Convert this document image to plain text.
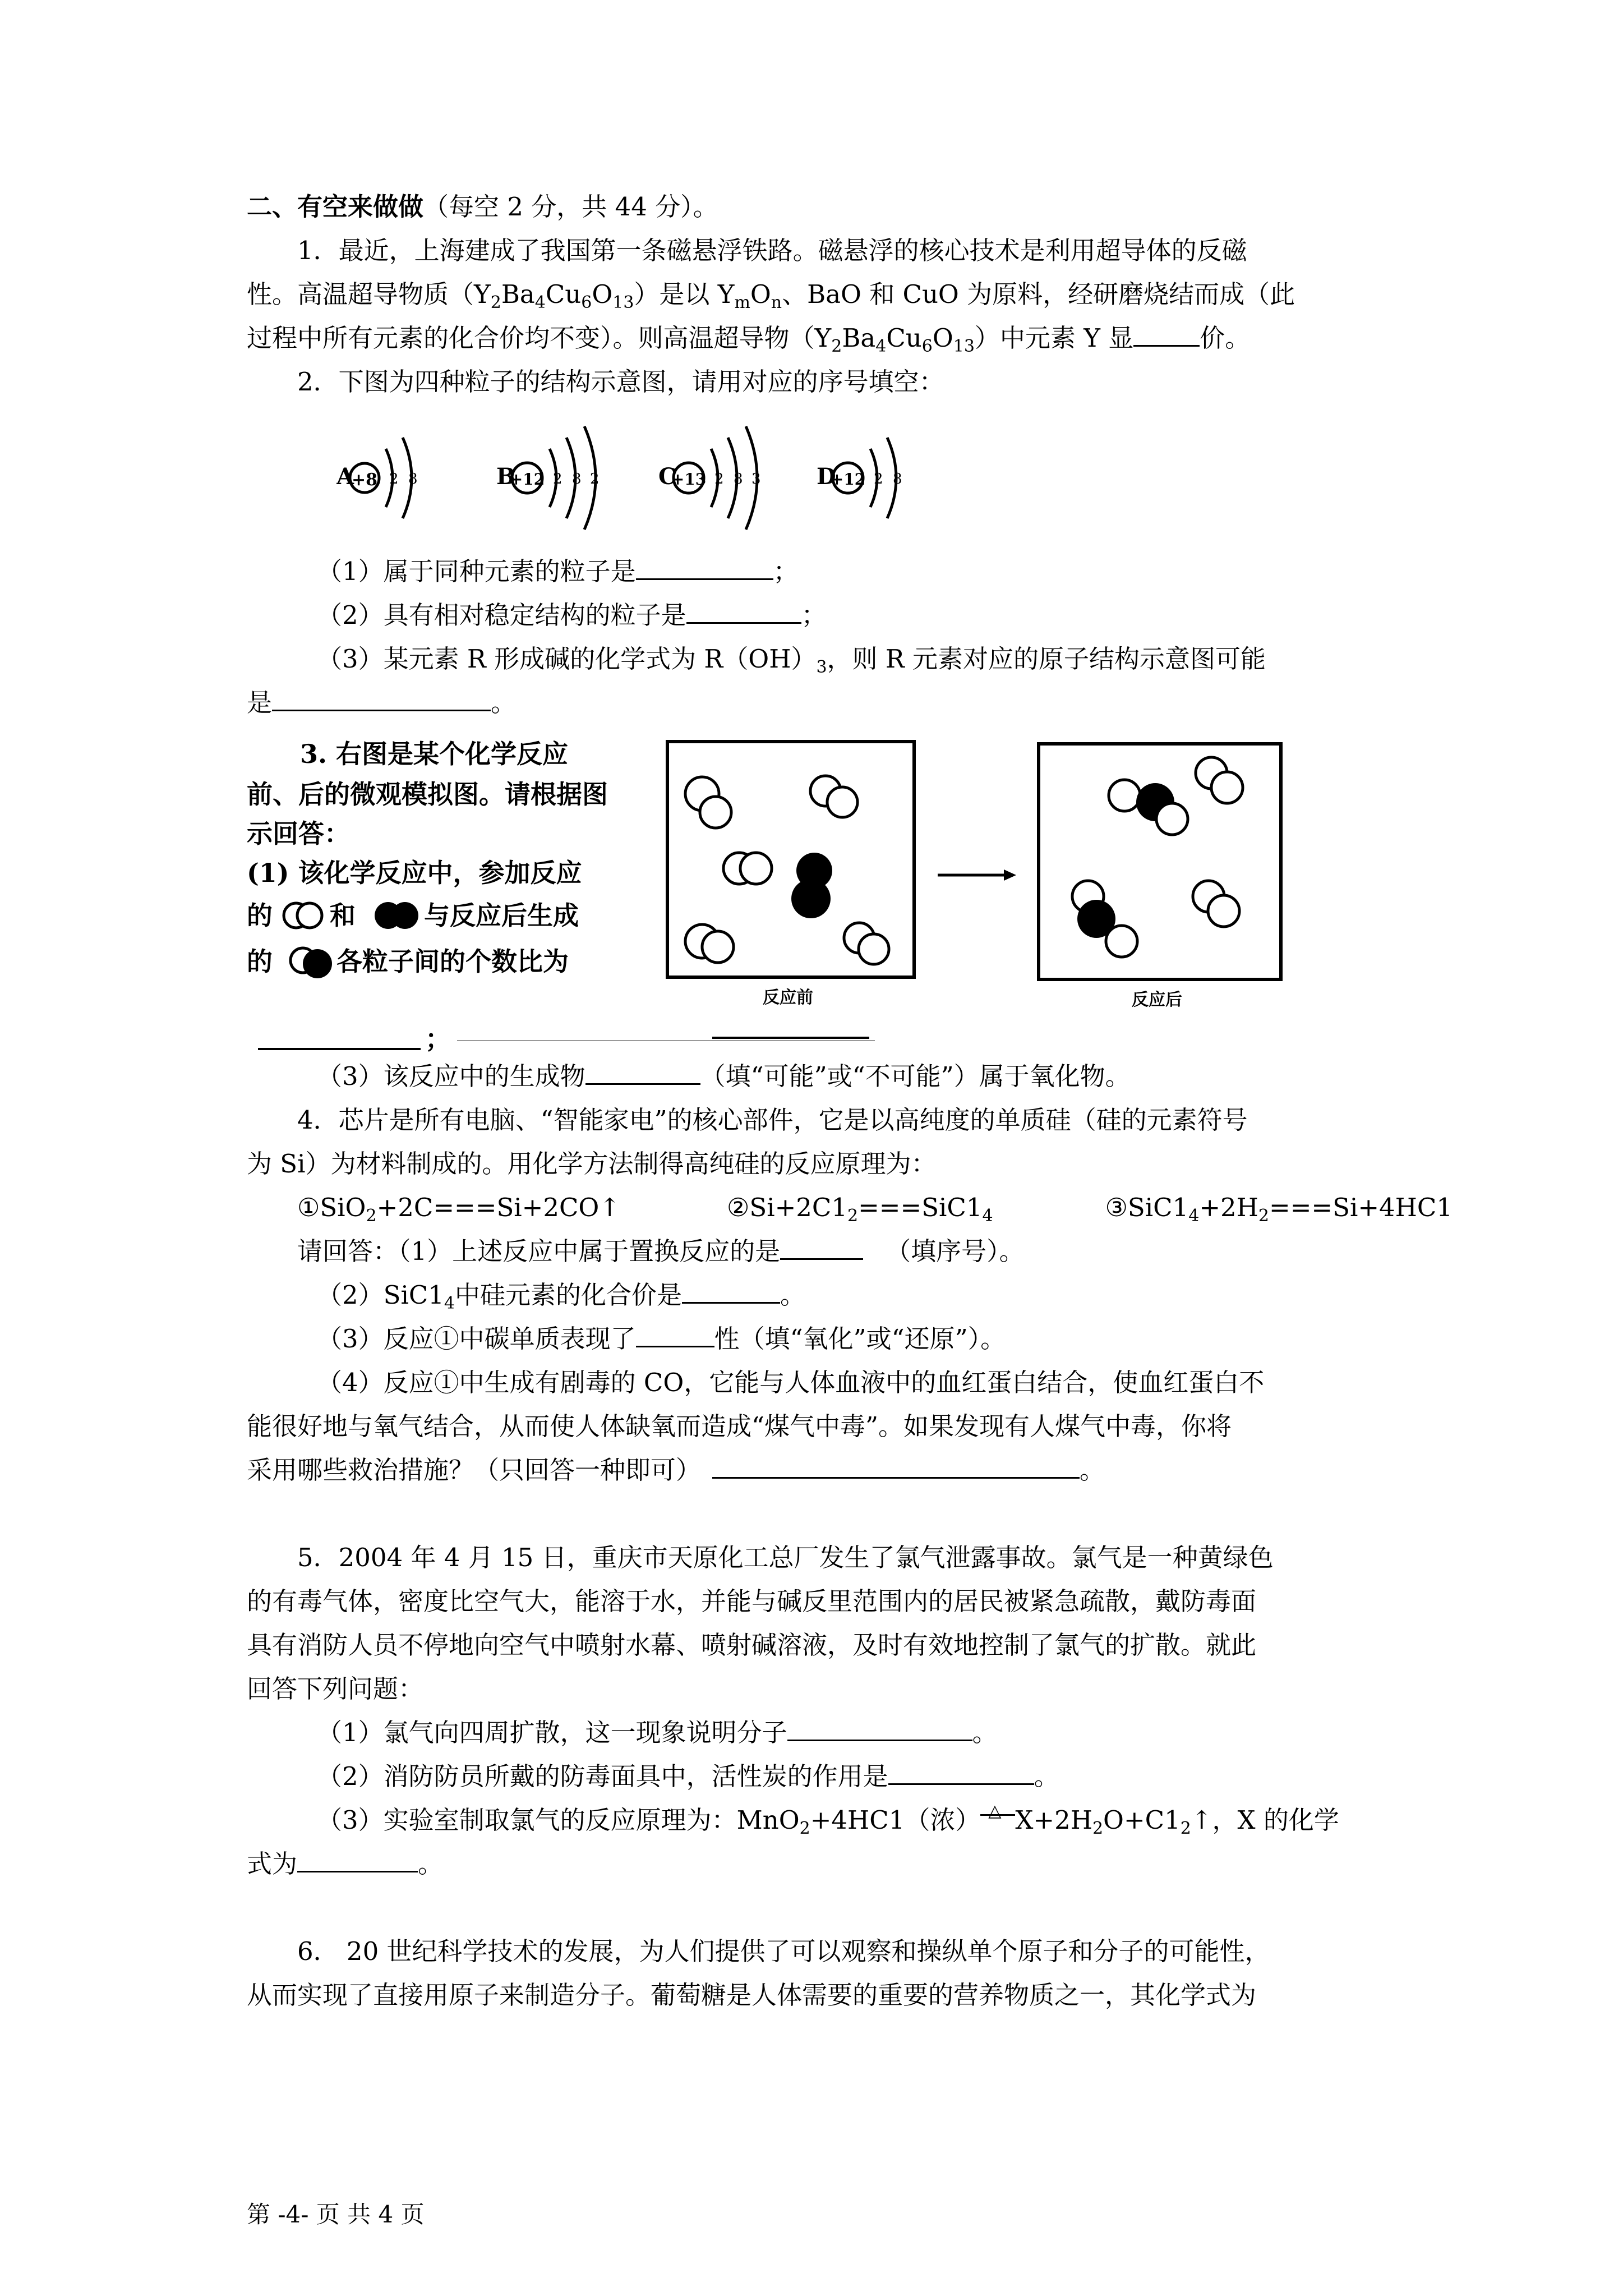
二、有空来做做（每空 2 分，共 44 分）。

1．最近，上海建成了我国第一条磁悬浮铁路。磁悬浮的核心技术是利用超导体的反磁

性。高温超导物质$(Y_2Ba_4Cu_6O_{13})$是以 $Y_mO_n$、BaO 和 CuO 为原料，经研磨烧结而成（此

过程中所有元素的化合价均不变）。则高温超导物$(Y_2Ba_4Cu_6O_{13})$中元素 Y 显	价。

2．下图为四种粒子的结构示意图，请用对应的序号填空：

A
+8 2 8	B
+12 2 8 2	C
+13 2 8 3 D
+12 2 8

（1）属于同种元素的粒子是	；

（2）具有相对稳定结构的粒子是	；

（3）某元素 R 形成碱的化学式为 $R(OH)_3$，则 R 元素对应的原子结构示意图可能

是	。

3. 右图是某个化学反应
前、后的微观模拟图。请根据图
示回答：
(1) 该化学反应中，参加反应
的 和	与反应后生成
的 各粒子间的个数比为
；
反应前	反应后

（3）该反应中的生成物	（填“可能”或“不可能”）属于氧化物。

4．芯片是所有电脑、“智能家电”的核心部件，它是以高纯度的单质硅（硅的元素符号

为 Si）为材料制成的。用化学方法制得高纯硅的反应原理为：

①SiO$_2$+2C===Si+2CO↑	$②Si+2C1_2===SiC1_4$	$③SiC1_4+2H_2===Si+4HC1$

请回答：（1）上述反应中属于置换反应的是	（填序号）。

$(2)SiC1_4$中硅元素的化合价是	。

（3）反应①中碳单质表现了	性（填“氧化”或“还原”）。

（4）反应①中生成有剧毒的 CO，它能与人体血液中的血红蛋白结合，使血红蛋白不

能很好地与氧气结合，从而使人体缺氧而造成“煤气中毒”。如果发现有人煤气中毒，你将

采用哪些救治措施？（只回答一种即可）	。

5．2004 年 4 月 15 日，重庆市天原化工总厂发生了氯气泄露事故。氯气是一种黄绿色

的有毒气体，密度比空气大，能溶于水，并能与碱反里范围内的居民被紧急疏散，戴防毒面

具有消防人员不停地向空气中喷射水幕、喷射碱溶液，及时有效地控制了氯气的扩散。就此

回答下列问题：

（1）氯气向四周扩散，这一现象说明分子	。

（2）消防防员所戴的防毒面具中，活性炭的作用是	。

（3）实验室制取氯气的反应原理为：MnO$_2$+4HC1（浓） △ $X+2H_2O+C1_2↑$，X 的化学

式为	。

6． 20 世纪科学技术的发展，为人们提供了可以观察和操纵单个原子和分子的可能性，

从而实现了直接用原子来制造分子。葡萄糖是人体需要的重要的营养物质之一，其化学式为

第 -4- 页 共 4 页
